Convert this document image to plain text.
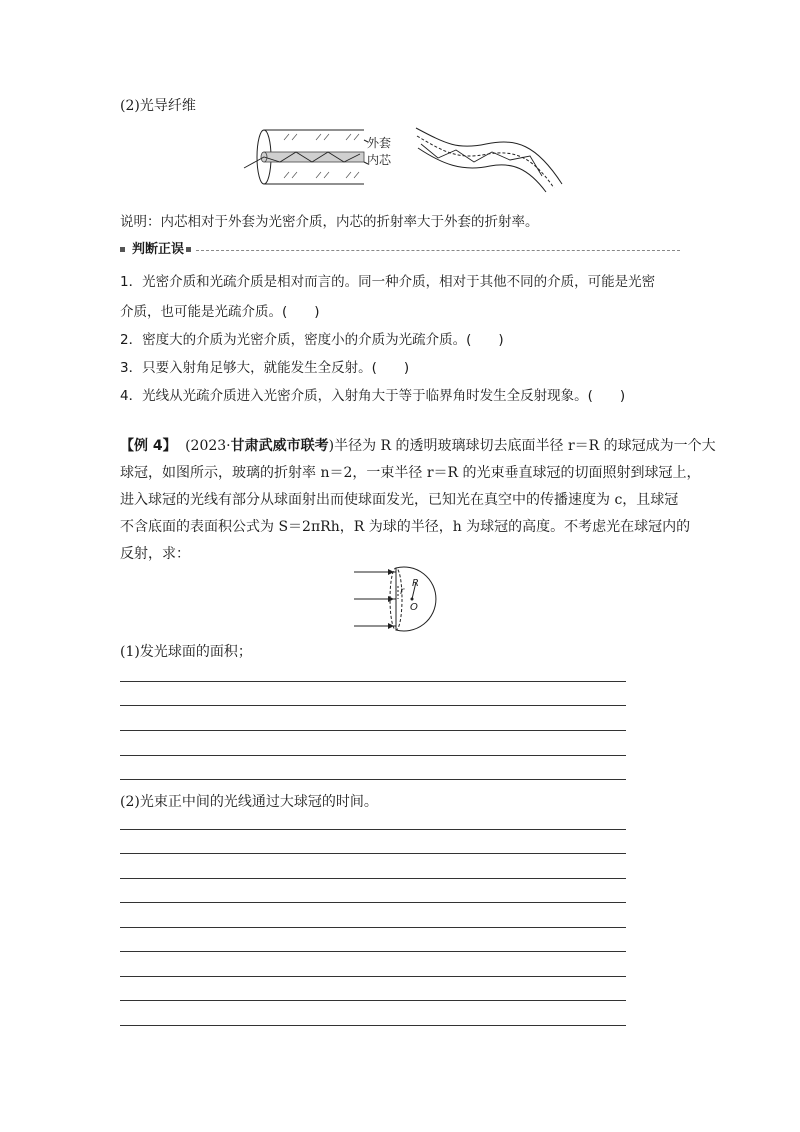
(2)光导纤维
外套
内芯
说明：内芯相对于外套为光密介质，内芯的折射率大于外套的折射率。
判断正误
1．光密介质和光疏介质是相对而言的。同一种介质，相对于其他不同的介质，可能是光密
介质，也可能是光疏介质。(　　)
2．密度大的介质为光密介质，密度小的介质为光疏介质。(　　)
3．只要入射角足够大，就能发生全反射。(　　)
4．光线从光疏介质进入光密介质，入射角大于等于临界角时发生全反射现象。(　　)
【例 4】 (2023·甘肃武威市联考)半径为 R 的透明玻璃球切去底面半径 r＝R 的球冠成为一个大
球冠，如图所示，玻璃的折射率 n＝2，一束半径 r＝R 的光束垂直球冠的切面照射到球冠上，
进入球冠的光线有部分从球面射出而使球面发光，已知光在真空中的传播速度为 c，且球冠
不含底面的表面积公式为 S＝2πRh，R 为球的半径，h 为球冠的高度。不考虑光在球冠内的
反射，求：
r
R
O
(1)发光球面的面积；
(2)光束正中间的光线通过大球冠的时间。
